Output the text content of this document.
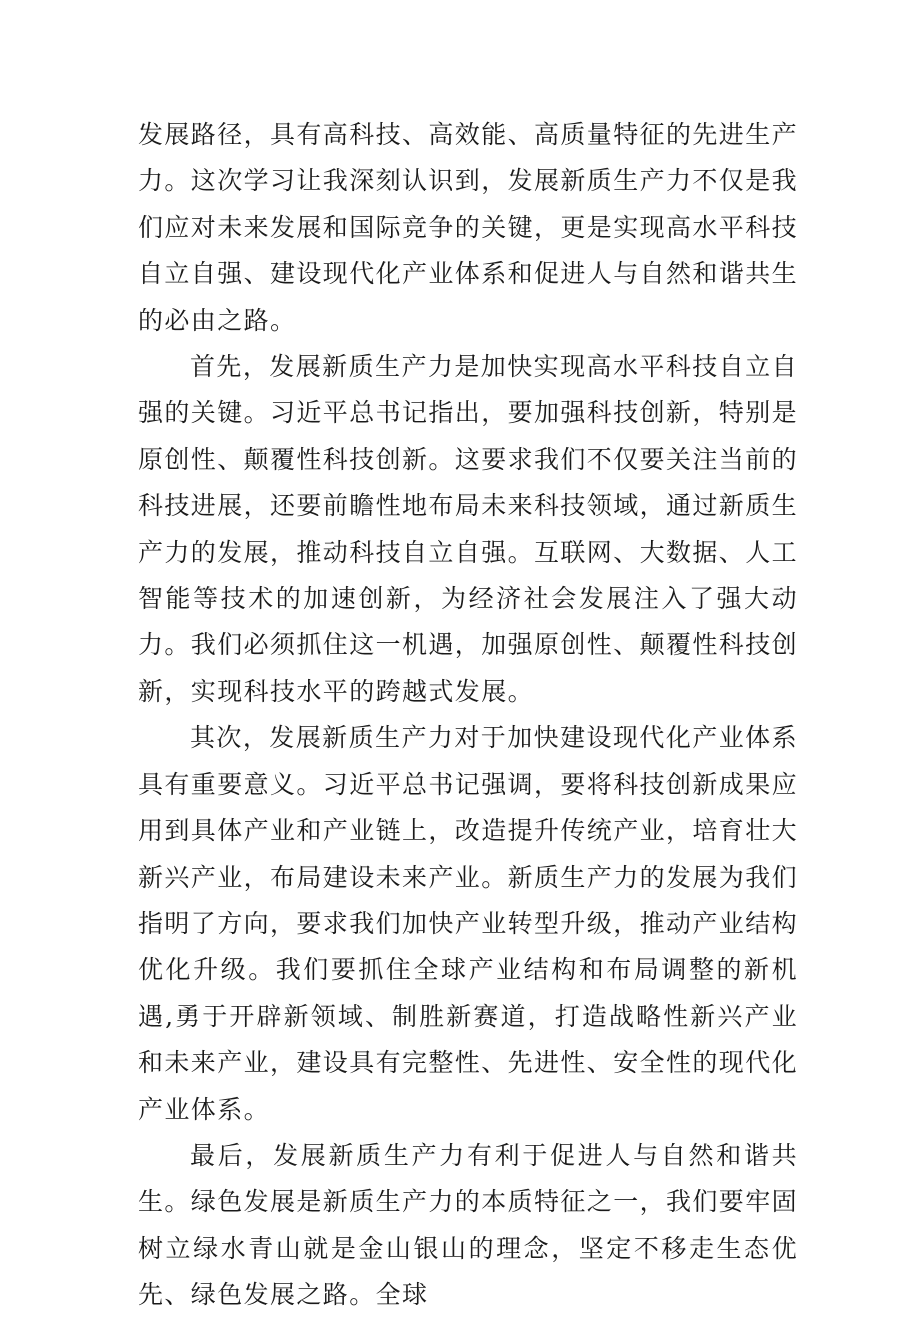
发展路径，具有高科技、高效能、高质量特征的先进生产力。这次学习让我深刻认识到，发展新质生产力不仅是我们应对未来发展和国际竞争的关键，更是实现高水平科技自立自强、建设现代化产业体系和促进人与自然和谐共生的必由之路。

首先，发展新质生产力是加快实现高水平科技自立自强的关键。习近平总书记指出，要加强科技创新，特别是原创性、颠覆性科技创新。这要求我们不仅要关注当前的科技进展，还要前瞻性地布局未来科技领域，通过新质生产力的发展，推动科技自立自强。互联网、大数据、人工智能等技术的加速创新，为经济社会发展注入了强大动力。我们必须抓住这一机遇，加强原创性、颠覆性科技创新，实现科技水平的跨越式发展。

其次，发展新质生产力对于加快建设现代化产业体系具有重要意义。习近平总书记强调，要将科技创新成果应用到具体产业和产业链上，改造提升传统产业，培育壮大新兴产业，布局建设未来产业。新质生产力的发展为我们指明了方向，要求我们加快产业转型升级，推动产业结构优化升级。我们要抓住全球产业结构和布局调整的新机遇,勇于开辟新领域、制胜新赛道，打造战略性新兴产业和未来产业，建设具有完整性、先进性、安全性的现代化产业体系。

最后，发展新质生产力有利于促进人与自然和谐共生。绿色发展是新质生产力的本质特征之一，我们要牢固树立绿水青山就是金山银山的理念，坚定不移走生态优先、绿色发展之路。全球
